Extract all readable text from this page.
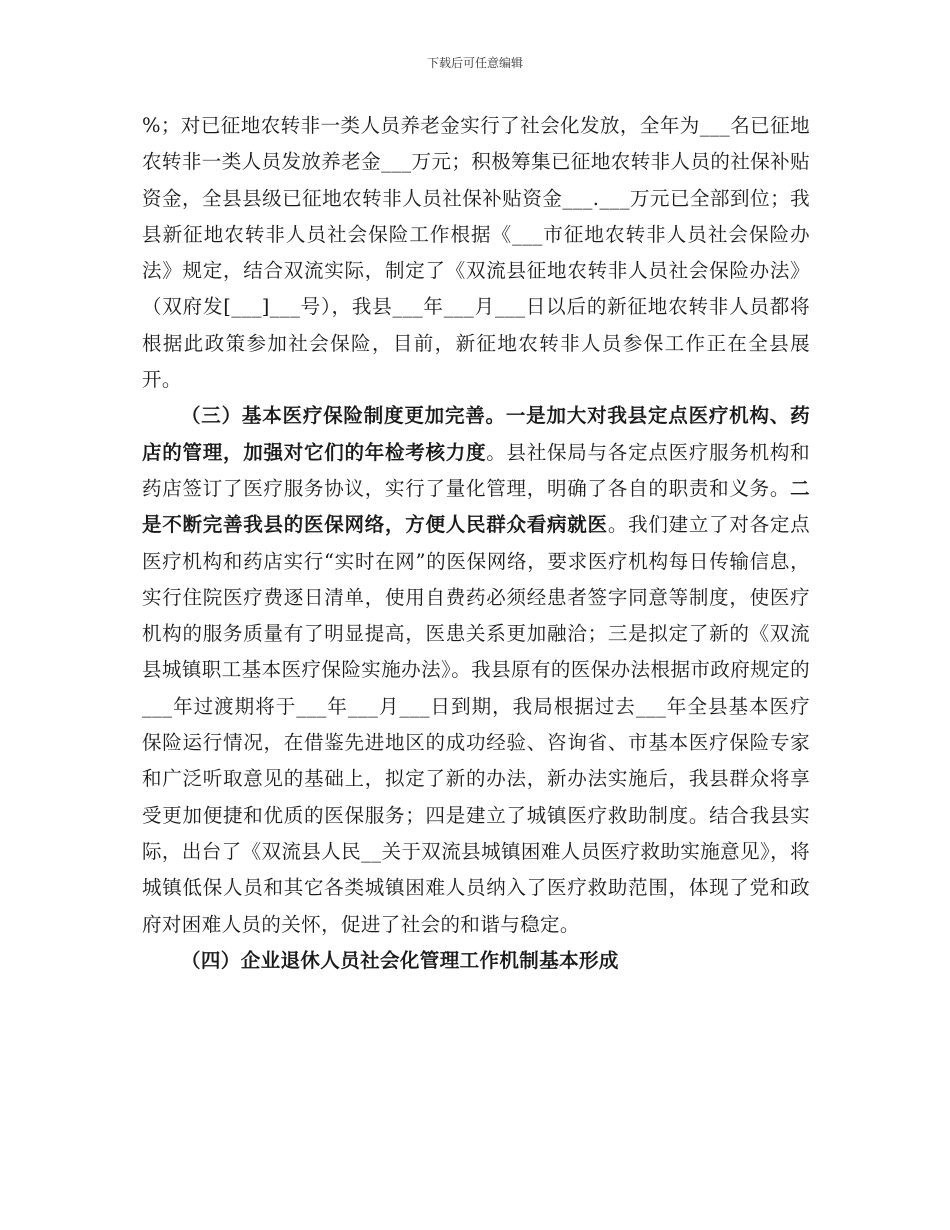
下载后可任意编辑

%；对已征地农转非一类人员养老金实行了社会化发放，全年为___名已征地农转非一类人员发放养老金___万元；积极筹集已征地农转非人员的社保补贴资金，全县县级已征地农转非人员社保补贴资金___.___万元已全部到位；我县新征地农转非人员社会保险工作根据《___市征地农转非人员社会保险办法》规定，结合双流实际，制定了《双流县征地农转非人员社会保险办法》（双府发[___]___号），我县___年___月___日以后的新征地农转非人员都将根据此政策参加社会保险，目前，新征地农转非人员参保工作正在全县展开。

（三）基本医疗保险制度更加完善。一是加大对我县定点医疗机构、药店的管理，加强对它们的年检考核力度。县社保局与各定点医疗服务机构和药店签订了医疗服务协议，实行了量化管理，明确了各自的职责和义务。二是不断完善我县的医保网络，方便人民群众看病就医。我们建立了对各定点医疗机构和药店实行“实时在网”的医保网络，要求医疗机构每日传输信息，实行住院医疗费逐日清单，使用自费药必须经患者签字同意等制度，使医疗机构的服务质量有了明显提高，医患关系更加融洽；三是拟定了新的《双流县城镇职工基本医疗保险实施办法》。我县原有的医保办法根据市政府规定的___年过渡期将于___年___月___日到期，我局根据过去___年全县基本医疗保险运行情况，在借鉴先进地区的成功经验、咨询省、市基本医疗保险专家和广泛听取意见的基础上，拟定了新的办法，新办法实施后，我县群众将享受更加便捷和优质的医保服务；四是建立了城镇医疗救助制度。结合我县实际，出台了《双流县人民__关于双流县城镇困难人员医疗救助实施意见》，将城镇低保人员和其它各类城镇困难人员纳入了医疗救助范围，体现了党和政府对困难人员的关怀，促进了社会的和谐与稳定。

（四）企业退休人员社会化管理工作机制基本形成
